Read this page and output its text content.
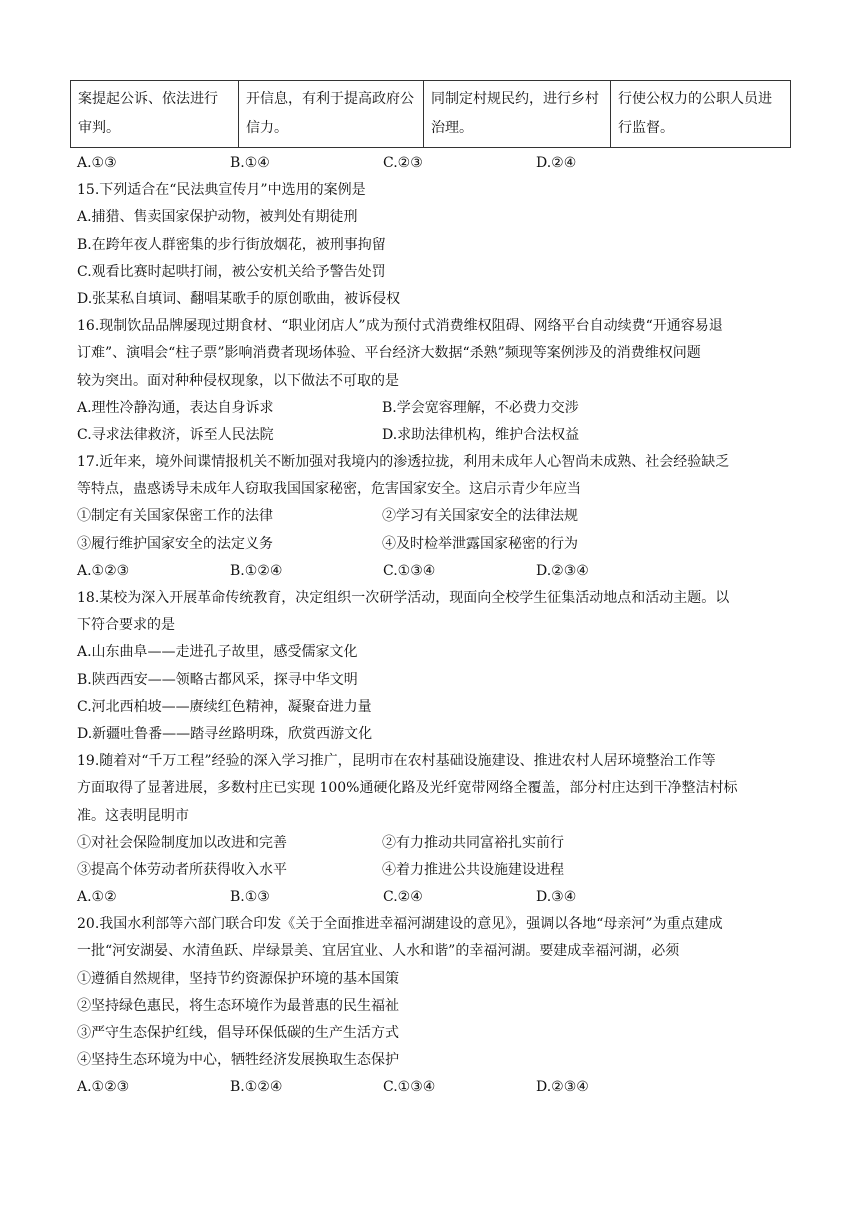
案提起公诉、依法进行审判。	开信息，有利于提高政府公信力。	同制定村规民约，进行乡村治理。	行使公权力的公职人员进行监督。
A.①③	B.①④	C.②③	D.②④
15.下列适合在“民法典宣传月”中选用的案例是
A.捕猎、售卖国家保护动物，被判处有期徒刑
B.在跨年夜人群密集的步行街放烟花，被刑事拘留
C.观看比赛时起哄打闹，被公安机关给予警告处罚
D.张某私自填词、翻唱某歌手的原创歌曲，被诉侵权
16.现制饮品品牌屡现过期食材、“职业闭店人”成为预付式消费维权阻碍、网络平台自动续费“开通容易退
订难”、演唱会“柱子票”影响消费者现场体验、平台经济大数据“杀熟”频现等案例涉及的消费维权问题
较为突出。面对种种侵权现象，以下做法不可取的是
A.理性冷静沟通，表达自身诉求	B.学会宽容理解，不必费力交涉
C.寻求法律救济，诉至人民法院	D.求助法律机构，维护合法权益
17.近年来，境外间谍情报机关不断加强对我境内的渗透拉拢，利用未成年人心智尚未成熟、社会经验缺乏
等特点，蛊惑诱导未成年人窃取我国国家秘密，危害国家安全。这启示青少年应当
①制定有关国家保密工作的法律	②学习有关国家安全的法律法规
③履行维护国家安全的法定义务	④及时检举泄露国家秘密的行为
A.①②③	B.①②④	C.①③④	D.②③④
18.某校为深入开展革命传统教育，决定组织一次研学活动，现面向全校学生征集活动地点和活动主题。以
下符合要求的是
A.山东曲阜——走进孔子故里，感受儒家文化
B.陕西西安——领略古都风采，探寻中华文明
C.河北西柏坡——赓续红色精神，凝聚奋进力量
D.新疆吐鲁番——踏寻丝路明珠，欣赏西游文化
19.随着对“千万工程”经验的深入学习推广，昆明市在农村基础设施建设、推进农村人居环境整治工作等
方面取得了显著进展，多数村庄已实现 100%通硬化路及光纤宽带网络全覆盖，部分村庄达到干净整洁村标
准。这表明昆明市
①对社会保险制度加以改进和完善	②有力推动共同富裕扎实前行
③提高个体劳动者所获得收入水平	④着力推进公共设施建设进程
A.①②	B.①③	C.②④	D.③④
20.我国水利部等六部门联合印发《关于全面推进幸福河湖建设的意见》，强调以各地“母亲河”为重点建成
一批“河安湖晏、水清鱼跃、岸绿景美、宜居宜业、人水和谐”的幸福河湖。要建成幸福河湖，必须
①遵循自然规律，坚持节约资源保护环境的基本国策
②坚持绿色惠民，将生态环境作为最普惠的民生福祉
③严守生态保护红线，倡导环保低碳的生产生活方式
④坚持生态环境为中心，牺牲经济发展换取生态保护
A.①②③	B.①②④	C.①③④	D.②③④
